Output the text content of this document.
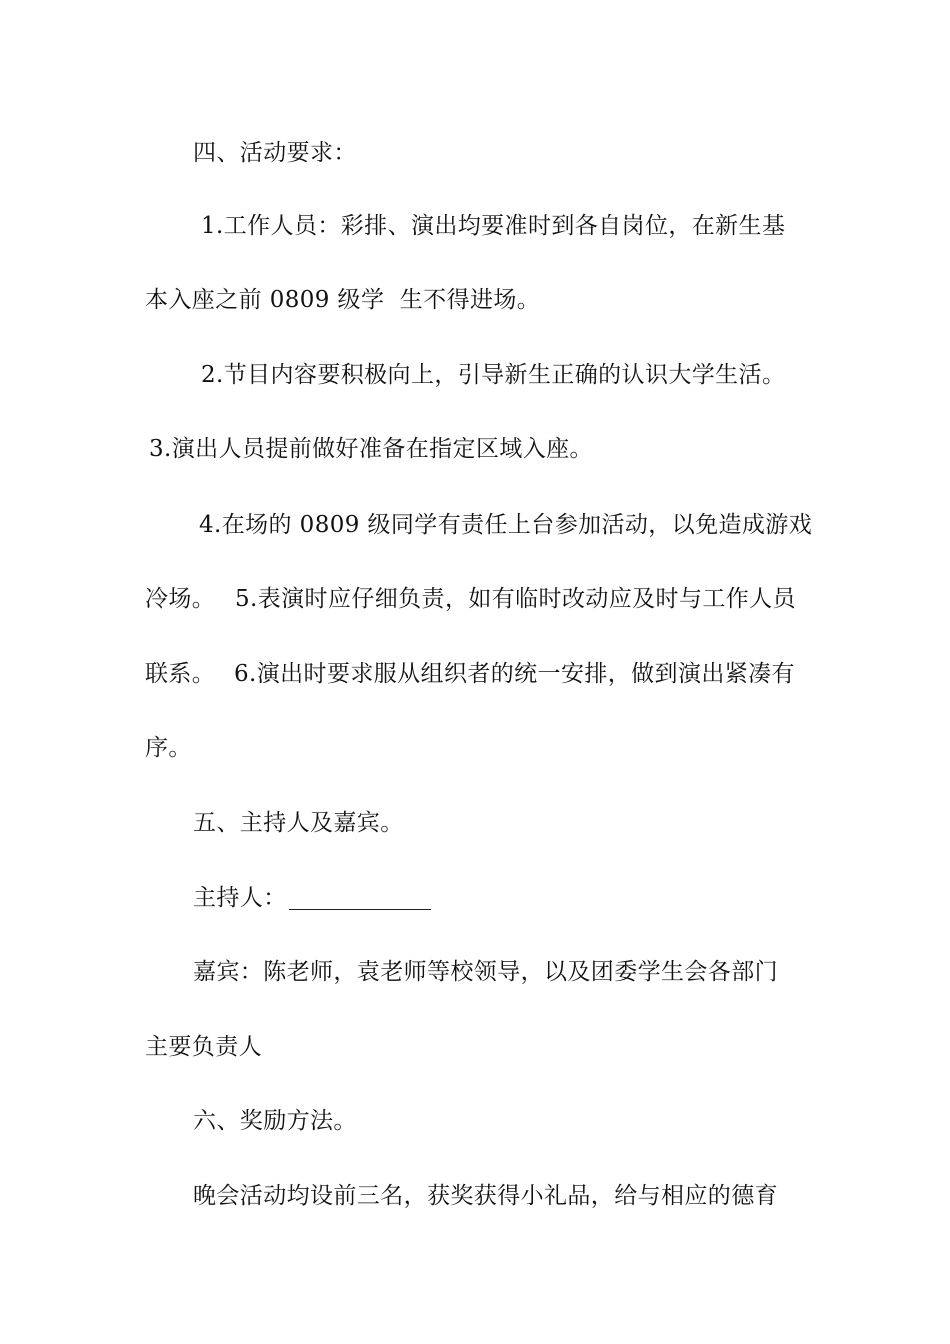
四、活动要求：

1.工作人员：彩排、演出均要准时到各自岗位，在新生基

本入座之前 0809 级学  生不得进场。

2.节目内容要积极向上，引导新生正确的认识大学生活。

3.演出人员提前做好准备在指定区域入座。

4.在场的 0809 级同学有责任上台参加活动，以免造成游戏

冷场。

5.表演时应仔细负责，如有临时改动应及时与工作人员

联系。

6.演出时要求服从组织者的统一安排，做到演出紧凑有

序。

五、主持人及嘉宾。

主持人：

嘉宾：陈老师，袁老师等校领导，以及团委学生会各部门

主要负责人

六、奖励方法。

晚会活动均设前三名，获奖获得小礼品，给与相应的德育
